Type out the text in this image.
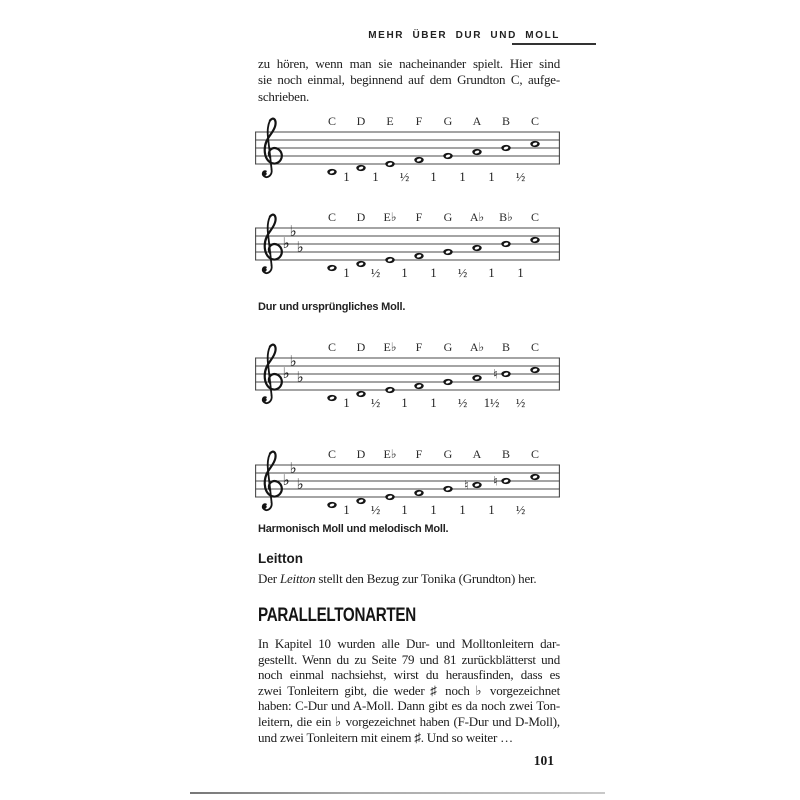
MEHR ÜBER DUR UND MOLL
zu hören, wenn man sie nacheinander spielt. Hier sind
sie noch einmal, beginnend auf dem Grundton C, aufge-
schrieben.
C D E F G A B C
1 1 ½ 1 1 1 ½
♭
♭
♭
C D E♭ F G A♭ B♭ C
1 ½ 1 1 ½ 1 1
Dur und ursprüngliches Moll.
♭
♭
♭
C D E♭ F G A♭ B
♮
C
1 ½ 1 1 ½ 1½ ½
♭
♭
♭
C D E♭ F G A
♮
B
♮
C
1 ½ 1 1 1 1 ½
Harmonisch Moll und melodisch Moll.
Leitton
Der Leitton stellt den Bezug zur Tonika (Grundton) her.
PARALLELTONARTEN
In Kapitel 10 wurden alle Dur- und Molltonleitern dar-
gestellt. Wenn du zu Seite 79 und 81 zurückblätterst und
noch einmal nachsiehst, wirst du herausfinden, dass es
zwei Tonleitern gibt, die weder ♯ noch ♭ vorgezeichnet
haben: C-Dur und A-Moll. Dann gibt es da noch zwei Ton-
leitern, die ein ♭ vorgezeichnet haben (F-Dur und D-Moll),
und zwei Tonleitern mit einem ♯. Und so weiter …
101
